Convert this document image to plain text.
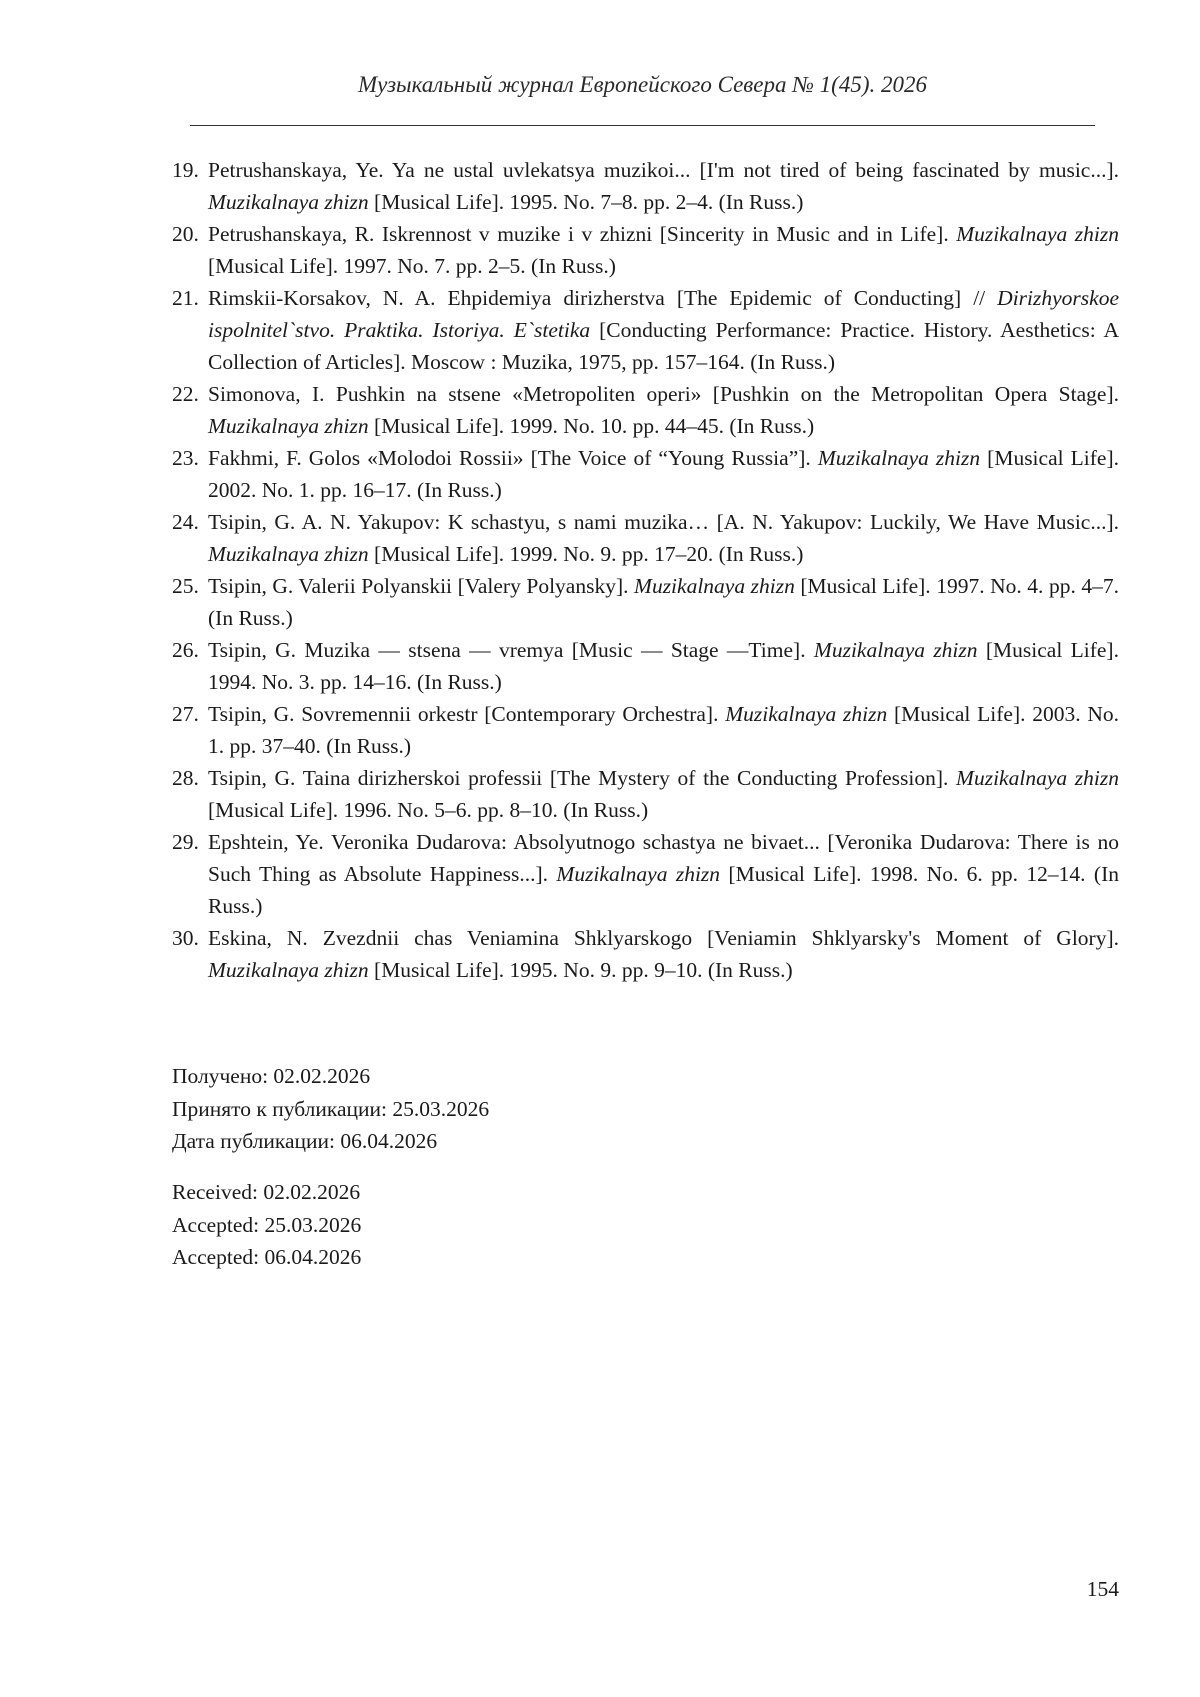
Музыкальный журнал Европейского Севера № 1(45). 2026
19. Petrushanskaya, Ye. Ya ne ustal uvlekatsya muzikoi... [I'm not tired of being fascinated by music...]. Muzikalnaya zhizn [Musical Life]. 1995. No. 7–8. pp. 2–4. (In Russ.)
20. Petrushanskaya, R. Iskrennost v muzike i v zhizni [Sincerity in Music and in Life]. Muzikalnaya zhizn [Musical Life]. 1997. No. 7. pp. 2–5. (In Russ.)
21. Rimskii-Korsakov, N. A. Ehpidemiya dirizherstva [The Epidemic of Conducting] // Dirizhyorskoe ispolnitel`stvo. Praktika. Istoriya. E`stetika [Conducting Performance: Practice. History. Aesthetics: A Collection of Articles]. Moscow : Muzika, 1975, pp. 157–164. (In Russ.)
22. Simonova, I. Pushkin na stsene «Metropoliten operi» [Pushkin on the Metropolitan Opera Stage]. Muzikalnaya zhizn [Musical Life]. 1999. No. 10. pp. 44–45. (In Russ.)
23. Fakhmi, F. Golos «Molodoi Rossii» [The Voice of “Young Russia”]. Muzikalnaya zhizn [Musical Life]. 2002. No. 1. pp. 16–17. (In Russ.)
24. Tsipin, G. A. N. Yakupov: K schastyu, s nami muzika… [A. N. Yakupov: Luckily, We Have Music...]. Muzikalnaya zhizn [Musical Life]. 1999. No. 9. pp. 17–20. (In Russ.)
25. Tsipin, G. Valerii Polyanskii [Valery Polyansky]. Muzikalnaya zhizn [Musical Life]. 1997. No. 4. pp. 4–7. (In Russ.)
26. Tsipin, G. Muzika — stsena — vremya [Music — Stage —Time]. Muzikalnaya zhizn [Musical Life]. 1994. No. 3. pp. 14–16. (In Russ.)
27. Tsipin, G. Sovremennii orkestr [Contemporary Orchestra]. Muzikalnaya zhizn [Musical Life]. 2003. No. 1. pp. 37–40. (In Russ.)
28. Tsipin, G. Taina dirizherskoi professii [The Mystery of the Conducting Profession]. Muzikalnaya zhizn [Musical Life]. 1996. No. 5–6. pp. 8–10. (In Russ.)
29. Epshtein, Ye. Veronika Dudarova: Absolyutnogo schastya ne bivaet... [Veronika Dudarova: There is no Such Thing as Absolute Happiness...]. Muzikalnaya zhizn [Musical Life]. 1998. No. 6. pp. 12–14. (In Russ.)
30. Eskina, N. Zvezdnii chas Veniamina Shklyarskogo [Veniamin Shklyarsky's Moment of Glory]. Muzikalnaya zhizn [Musical Life]. 1995. No. 9. pp. 9–10. (In Russ.)
Получено: 02.02.2026
Принято к публикации: 25.03.2026
Дата публикации: 06.04.2026
Received: 02.02.2026
Accepted: 25.03.2026
Accepted: 06.04.2026
154
